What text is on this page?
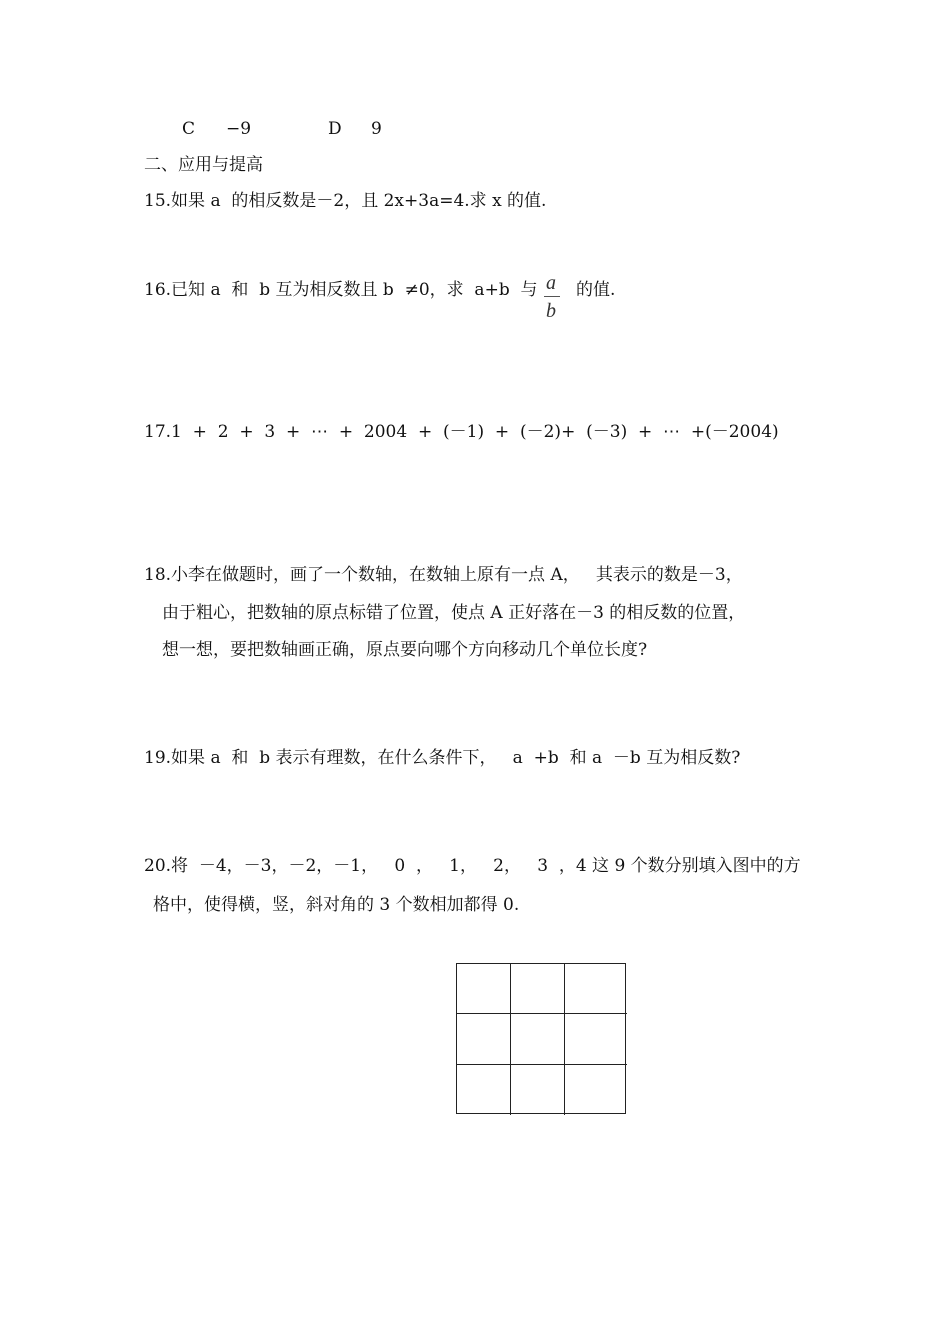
C −9	D 9
二、应用与提高
15.如果 a  的相反数是－2，且 2x+3a=4.求 x 的值.
16.已知 a  和  b 互为相反数且 b  ≠0，求  a+b  与 a
b
的值.
17.1  +  2  +  3  +  ⋯  +  2004  +  (－1)  +  (－2)+  (－3)  +  ⋯  +(－2004)
18.小李在做题时，画了一个数轴，在数轴上原有一点 A，   其表示的数是－3，
由于粗心，把数轴的原点标错了位置，使点 A 正好落在－3 的相反数的位置，
想一想，要把数轴画正确，原点要向哪个方向移动几个单位长度?
19.如果 a  和  b 表示有理数，在什么条件下，   a  +b  和 a  －b 互为相反数?
20.将  －4，－3，－2，－1，   0  ，   1，   2，   3  ，4 这 9 个数分别填入图中的方
格中，使得横，竖，斜对角的 3 个数相加都得 0.
